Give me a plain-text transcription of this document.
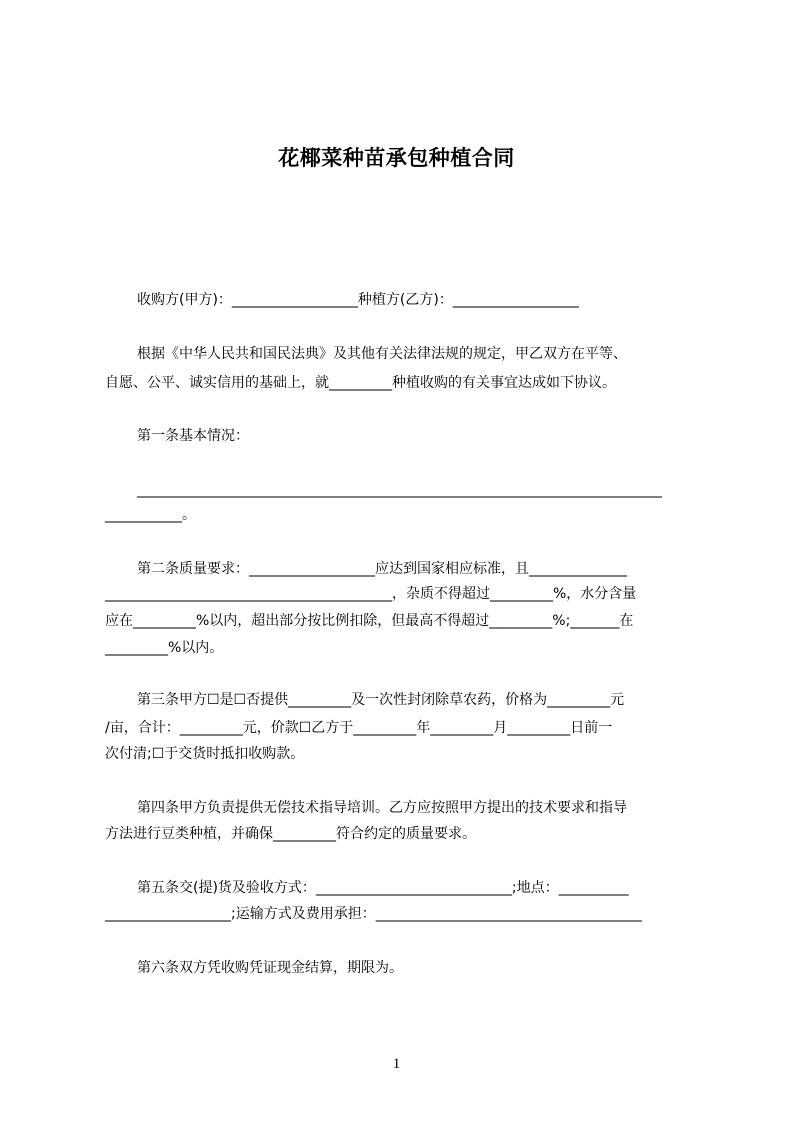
花椰菜种苗承包种植合同
收购方(甲方)：__________________种植方(乙方)：__________________
根据《中华人民共和国民法典》及其他有关法律法规的规定，甲乙双方在平等、
自愿、公平、诚实信用的基础上，就_________种植收购的有关事宜达成如下协议。
第一条基本情况：
___________________________________________________________________________
___________。
第二条质量要求：__________________应达到国家相应标准，且______________
_________________________________________，杂质不得超过_________%，水分含量
应在_________%以内，超出部分按比例扣除，但最高不得超过_________%;_______在
_________%以内。
第三条甲方☐是☐否提供_________及一次性封闭除草农药，价格为_________元
/亩，合计：_________元，价款☐乙方于_________年_________月_________日前一
次付清;☐于交货时抵扣收购款。
第四条甲方负责提供无偿技术指导培训。乙方应按照甲方提出的技术要求和指导
方法进行豆类种植，并确保_________符合约定的质量要求。
第五条交(提)货及验收方式：____________________________;地点：__________
__________________;运输方式及费用承担：______________________________________
第六条双方凭收购凭证现金结算，期限为。
1
